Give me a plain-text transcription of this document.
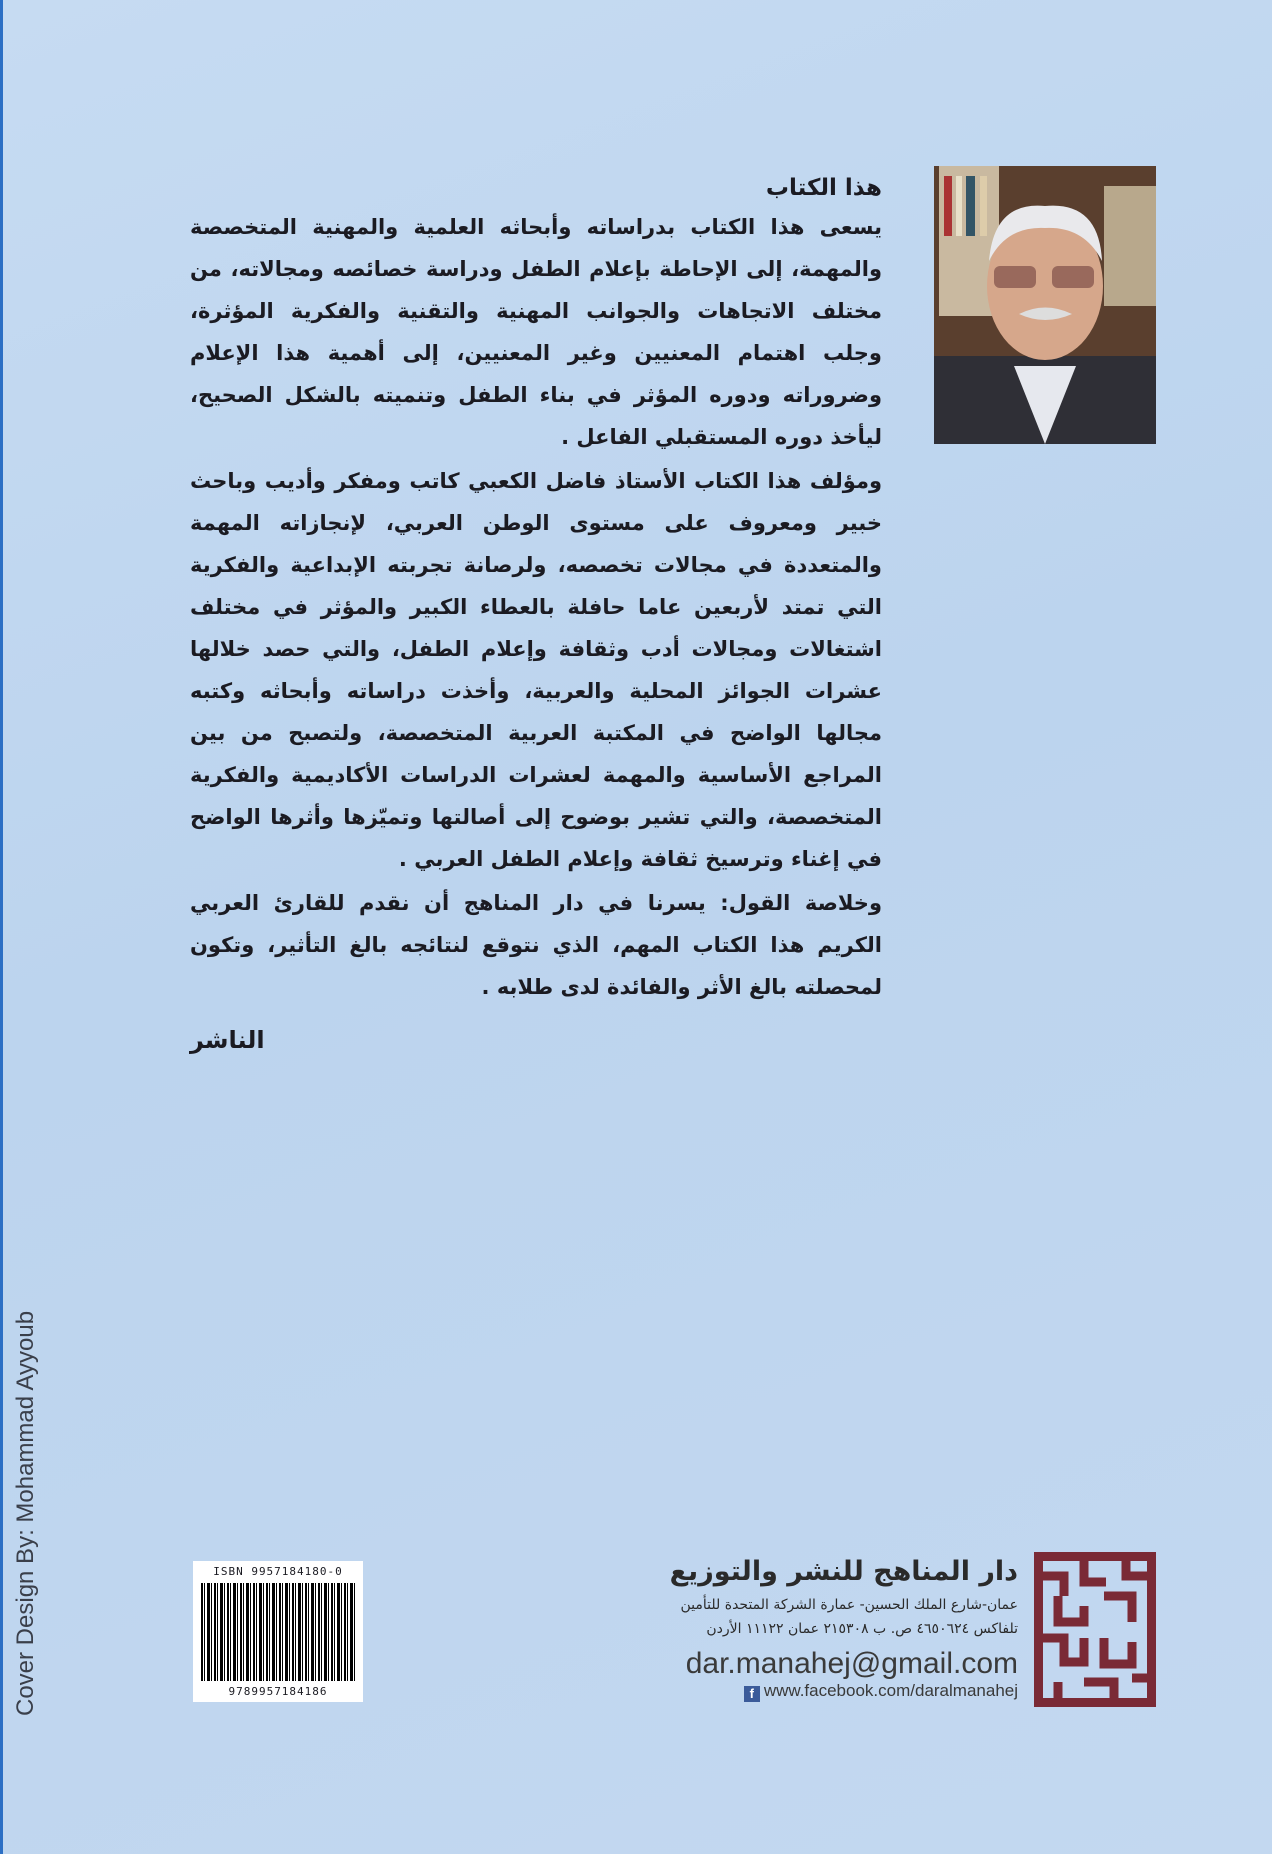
هذا الكتاب

يسعى هذا الكتاب بدراساته وأبحاثه العلمية والمهنية المتخصصة والمهمة، إلى الإحاطة بإعلام الطفل ودراسة خصائصه ومجالاته، من مختلف الاتجاهات والجوانب المهنية والتقنية والفكرية المؤثرة، وجلب اهتمام المعنيين وغير المعنيين، إلى أهمية هذا الإعلام وضروراته ودوره المؤثر في بناء الطفل وتنميته بالشكل الصحيح، ليأخذ دوره المستقبلي الفاعل .

ومؤلف هذا الكتاب الأستاذ فاضل الكعبي كاتب ومفكر وأديب وباحث خبير ومعروف على مستوى الوطن العربي، لإنجازاته المهمة والمتعددة في مجالات تخصصه، ولرصانة تجربته الإبداعية والفكرية التي تمتد لأربعين عاما حافلة بالعطاء الكبير والمؤثر في مختلف اشتغالات ومجالات أدب وثقافة وإعلام الطفل، والتي حصد خلالها عشرات الجوائز المحلية والعربية، وأخذت دراساته وأبحاثه وكتبه مجالها الواضح في المكتبة العربية المتخصصة، ولتصبح من بين المراجع الأساسية والمهمة لعشرات الدراسات الأكاديمية والفكرية المتخصصة، والتي تشير بوضوح إلى أصالتها وتميّزها وأثرها الواضح في إغناء وترسيخ ثقافة وإعلام الطفل العربي .

وخلاصة القول: يسرنا في دار المناهج أن نقدم للقارئ العربي الكريم هذا الكتاب المهم، الذي نتوقع لنتائجه بالغ التأثير، وتكون لمحصلته بالغ الأثر والفائدة لدى طلابه .

الناشر
ISBN 9957184180-0
9789957184186
دار المناهج للنشر والتوزيع
عمان-شارع الملك الحسين- عمارة الشركة المتحدة للتأمين
تلفاكس ٤٦٥٠٦٢٤ ص. ب ٢١٥٣٠٨ عمان ١١١٢٢ الأردن
dar.manahej@gmail.com
f www.facebook.com/daralmanahej
Cover Design By: Mohammad Ayyoub
